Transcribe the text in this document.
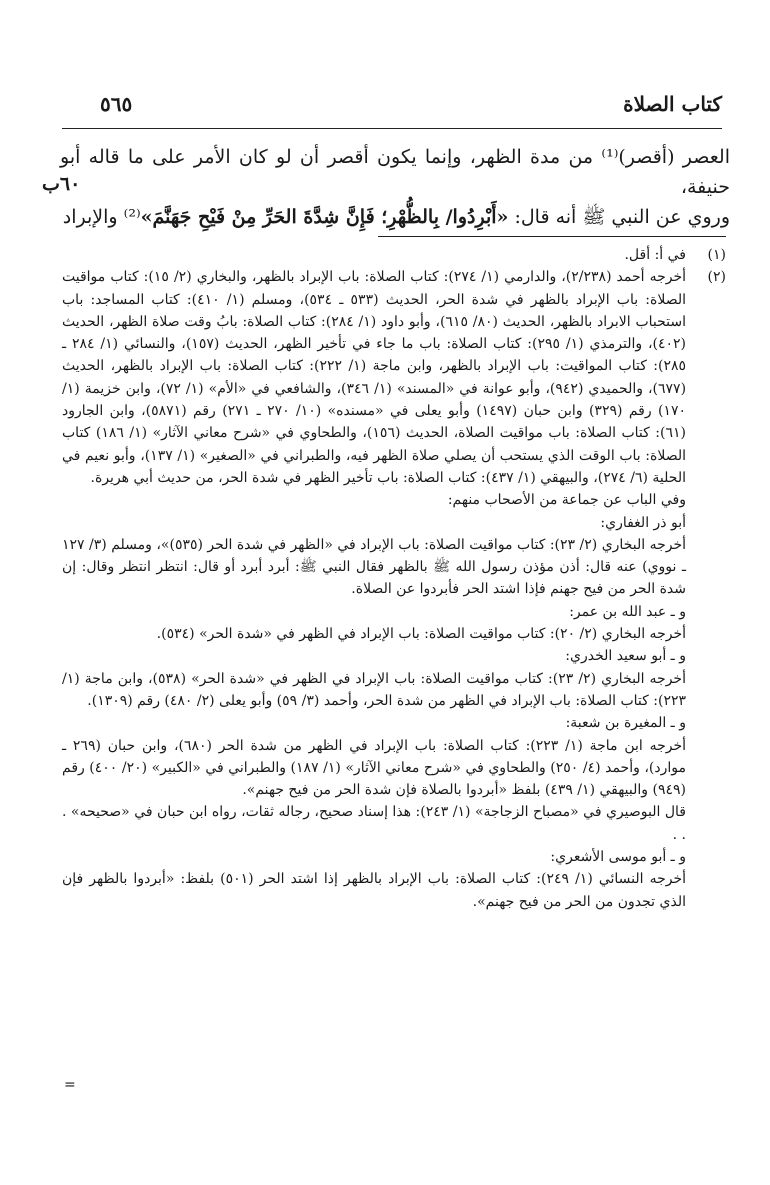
كتاب الصلاة
٥٦٥

العصر (أقصر)⁽¹⁾ من مدة الظهر، وإنما يكون أقصر أن لو كان الأمر على ما قاله أبو حنيفة،

وروي عن النبي ﷺ أنه قال: «أَبْرِدُوا/ بِالظُّهْرِ؛ فَإِنَّ شِدَّةَ الحَرِّ مِنْ فَيْحِ جَهَنَّمَ»⁽²⁾ والإبراد

٦٠ب
(١)
في أ: أقل.
(٢)

أخرجه أحمد (٢/٢٣٨)، والدارمي (١/ ٢٧٤): كتاب الصلاة: باب الإبراد بالظهر، والبخاري (٢/ ١٥): كتاب مواقيت الصلاة: باب الإبراد بالظهر في شدة الحر، الحديث (٥٣٣ ـ ٥٣٤)، ومسلم (١/ ٤١٠): كتاب المساجد: باب استحباب الابراد بالظهر، الحديث (٨٠/ ٦١٥)، وأبو داود (١/ ٢٨٤): كتاب الصلاة: بابُ وقت صلاة الظهر، الحديث (٤٠٢)، والترمذي (١/ ٢٩٥): كتاب الصلاة: باب ما جاء في تأخير الظهر، الحديث (١٥٧)، والنسائي (١/ ٢٨٤ ـ ٢٨٥): كتاب المواقيت: باب الإبراد بالظهر، وابن ماجة (١/ ٢٢٢): كتاب الصلاة: باب الإبراد بالظهر، الحديث (٦٧٧)، والحميدي (٩٤٢)، وأبو عوانة في «المسند» (١/ ٣٤٦)، والشافعي في «الأم» (١/ ٧٢)، وابن خزيمة (١/ ١٧٠) رقم (٣٢٩) وابن حبان (١٤٩٧) وأبو يعلى في «مسنده» (١٠/ ٢٧٠ ـ ٢٧١) رقم (٥٨٧١)، وابن الجارود (٦١): كتاب الصلاة: باب مواقيت الصلاة، الحديث (١٥٦)، والطحاوي في «شرح معاني الآثار» (١/ ١٨٦) كتاب الصلاة: باب الوقت الذي يستحب أن يصلي صلاة الظهر فيه، والطبراني في «الصغير» (١/ ١٣٧)، وأبو نعيم في الحلية (٦/ ٢٧٤)، والبيهقي (١/ ٤٣٧): كتاب الصلاة: باب تأخير الظهر في شدة الحر، من حديث أبي هريرة.

وفي الباب عن جماعة من الأصحاب منهم:

أبو ذر الغفاري:

أخرجه البخاري (٢/ ٢٣): كتاب مواقيت الصلاة: باب الإبراد في «الظهر في شدة الحر (٥٣٥)»، ومسلم (٣/ ١٢٧ ـ نووي) عنه قال: أذن مؤذن رسول الله ﷺ بالظهر فقال النبي ﷺ: أبرد أبرد أو قال: انتظر انتظر وقال: إن شدة الحر من فيح جهنم فإذا اشتد الحر فأبردوا عن الصلاة.

و ـ عبد الله بن عمر:

أخرجه البخاري (٢/ ٢٠): كتاب مواقيت الصلاة: باب الإبراد في الظهر في «شدة الحر» (٥٣٤).

و ـ أبو سعيد الخدري:

أخرجه البخاري (٢/ ٢٣): كتاب مواقيت الصلاة: باب الإبراد في الظهر في «شدة الحر» (٥٣٨)، وابن ماجة (١/ ٢٢٣): كتاب الصلاة: باب الإبراد في الظهر من شدة الحر، وأحمد (٣/ ٥٩) وأبو يعلى (٢/ ٤٨٠) رقم (١٣٠٩).

و ـ المغيرة بن شعبة:

أخرجه ابن ماجة (١/ ٢٢٣): كتاب الصلاة: باب الإبراد في الظهر من شدة الحر (٦٨٠)، وابن حبان (٢٦٩ ـ موارد)، وأحمد (٤/ ٢٥٠) والطحاوي في «شرح معاني الآثار» (١/ ١٨٧) والطبراني في «الكبير» (٢٠/ ٤٠٠) رقم (٩٤٩) والبيهقي (١/ ٤٣٩) بلفظ «أبردوا بالصلاة فإن شدة الحر من فيح جهنم».

قال البوصيري في «مصباح الزجاجة» (١/ ٢٤٣): هذا إسناد صحيح، رجاله ثقات، رواه ابن حبان في «صحيحه» . . .

و ـ أبو موسى الأشعري:

أخرجه النسائي (١/ ٢٤٩): كتاب الصلاة: باب الإبراد بالظهر إذا اشتد الحر (٥٠١) بلفظ: «أبردوا بالظهر فإن الذي تجدون من الحر من فيح جهنم».

=
